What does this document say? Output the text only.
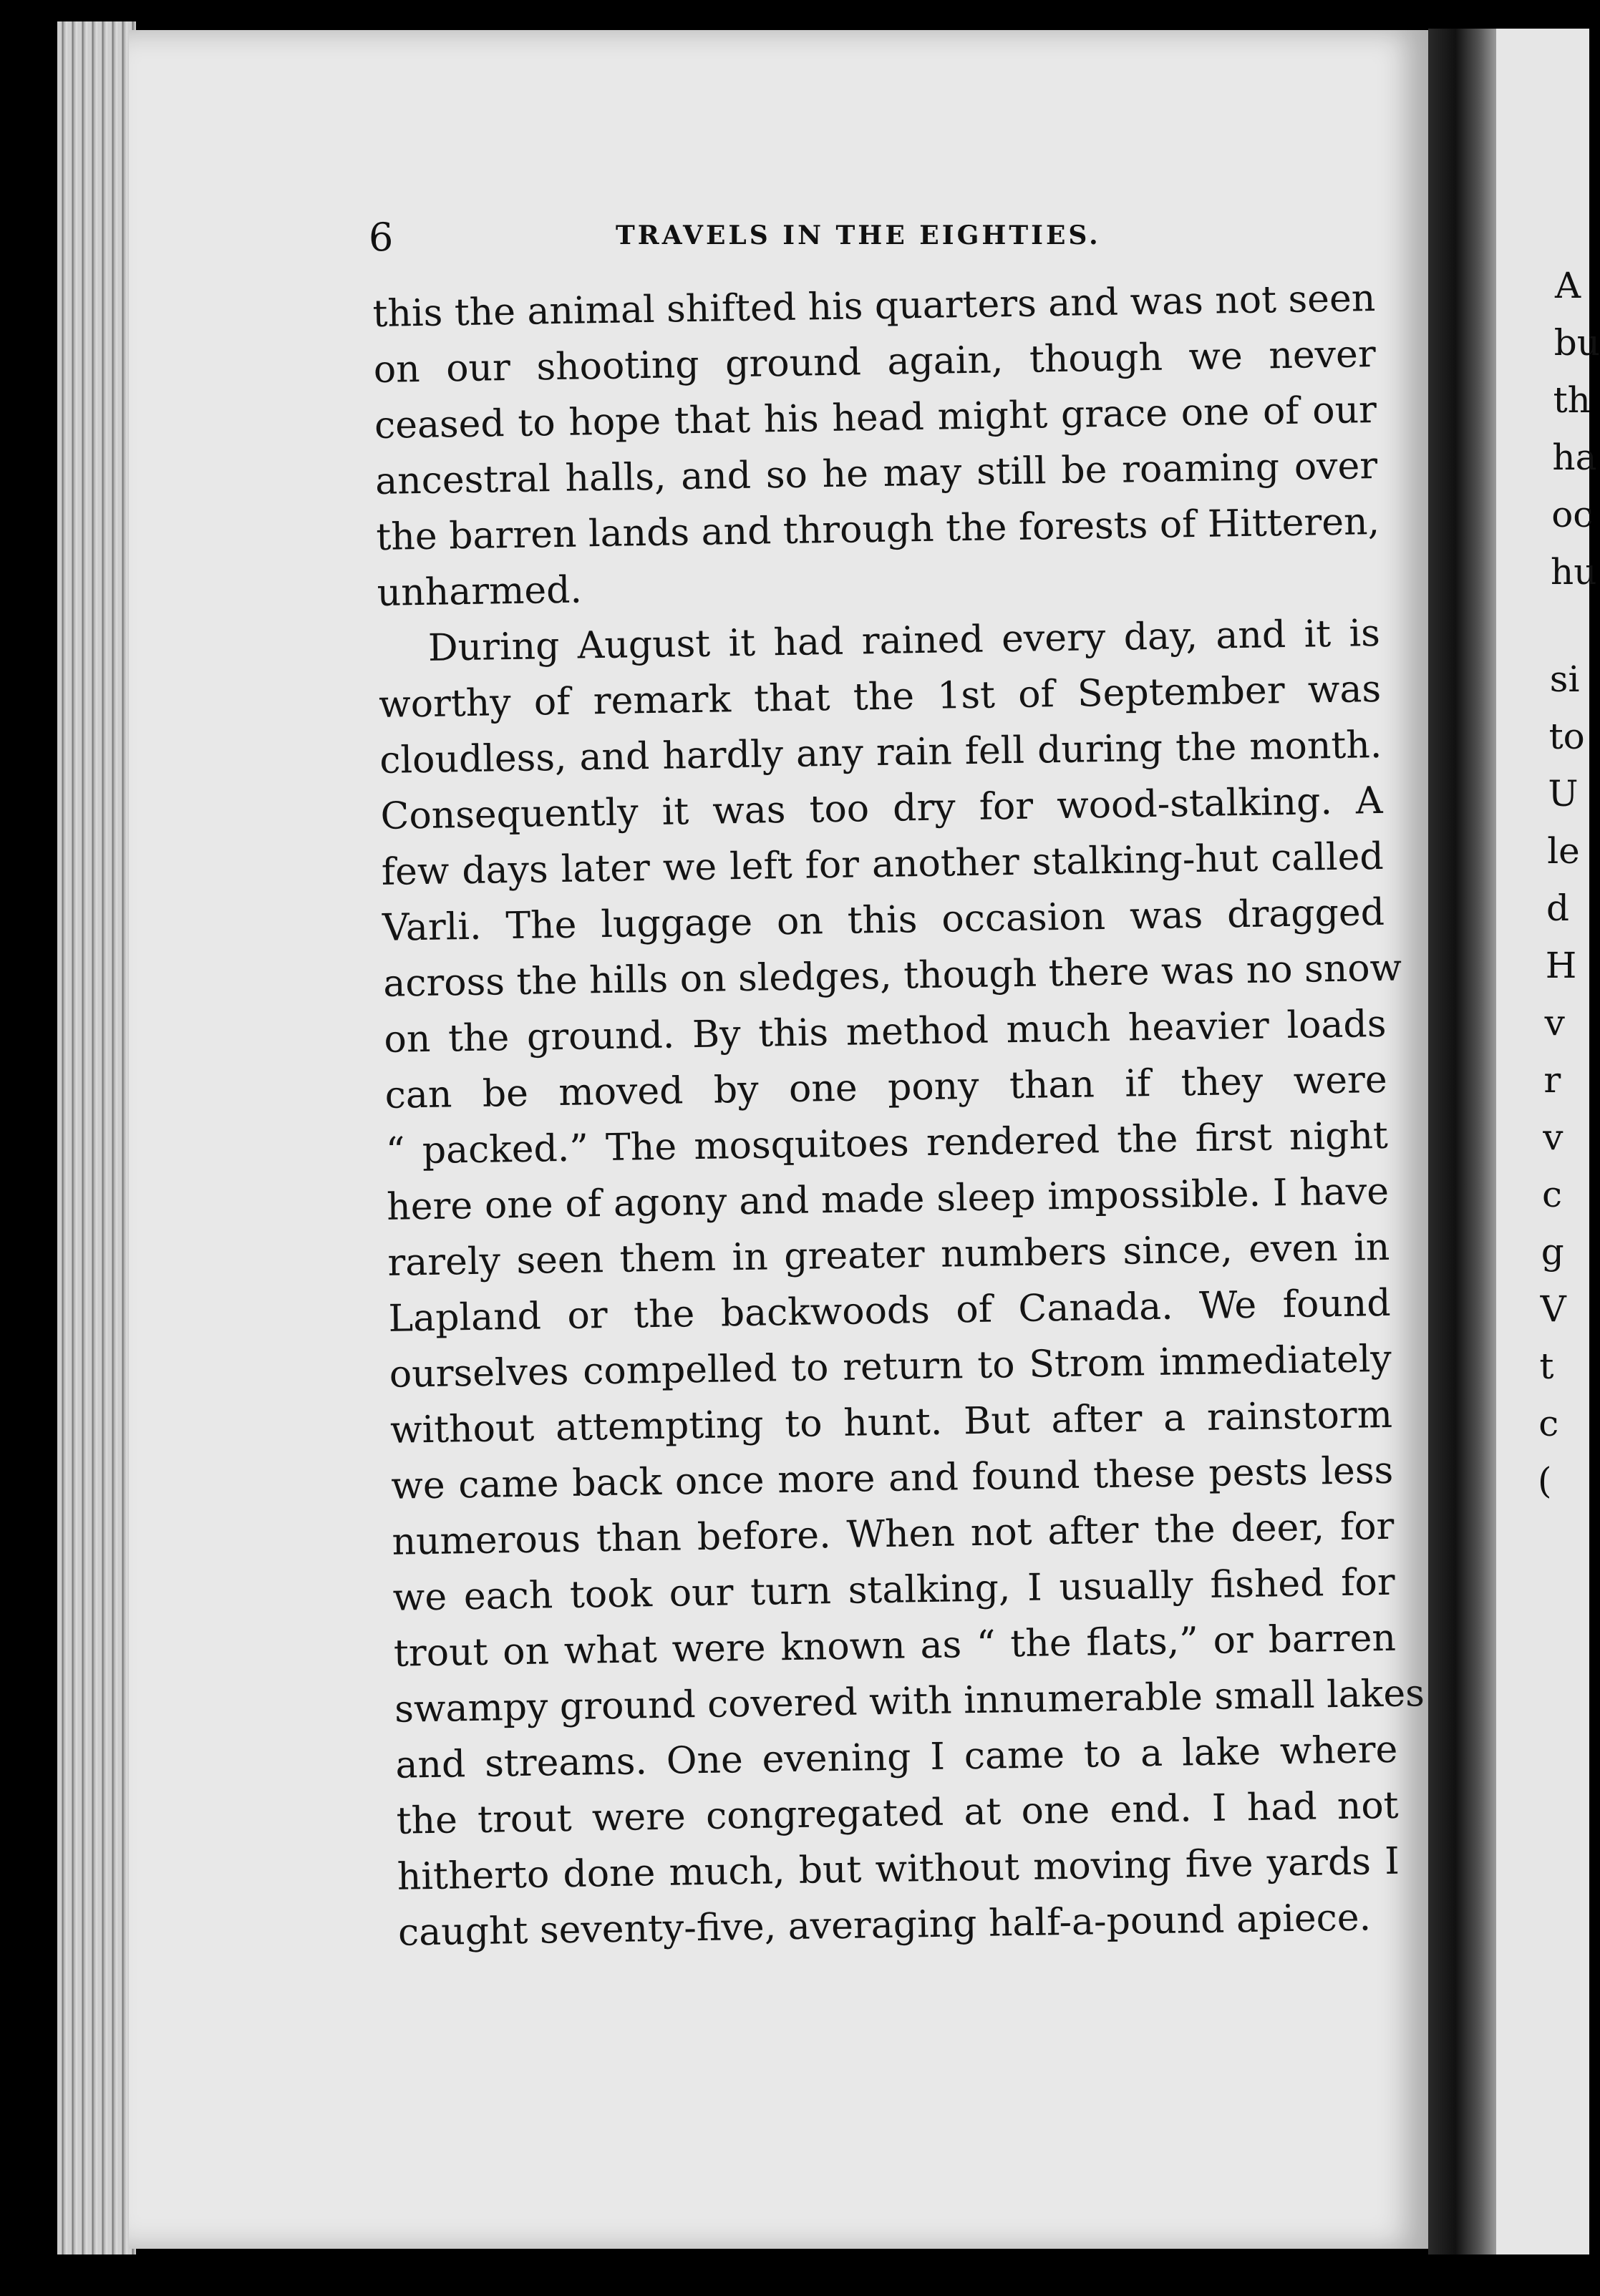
A
bu
th
ha
oc
hu
si
to
U
le
d
H
v
r
v
c
g
V
t
c
(
6	TRAVELS IN THE EIGHTIES.
this the animal shifted his quarters and was not seen
on our shooting ground again, though we never
ceased to hope that his head might grace one of our
ancestral halls, and so he may still be roaming over
the barren lands and through the forests of Hitteren,
unharmed.
During August it had rained every day, and it is
worthy of remark that the 1st of September was
cloudless, and hardly any rain fell during the month.
Consequently it was too dry for wood-stalking. A
few days later we left for another stalking-hut called
Varli. The luggage on this occasion was dragged
across the hills on sledges, though there was no snow
on the ground. By this method much heavier loads
can be moved by one pony than if they were
“ packed.” The mosquitoes rendered the first night
here one of agony and made sleep impossible. I have
rarely seen them in greater numbers since, even in
Lapland or the backwoods of Canada. We found
ourselves compelled to return to Strom immediately
without attempting to hunt. But after a rainstorm
we came back once more and found these pests less
numerous than before. When not after the deer, for
we each took our turn stalking, I usually fished for
trout on what were known as “ the flats,” or barren
swampy ground covered with innumerable small lakes
and streams. One evening I came to a lake where
the trout were congregated at one end. I had not
hitherto done much, but without moving five yards I
caught seventy-five, averaging half-a-pound apiece.
